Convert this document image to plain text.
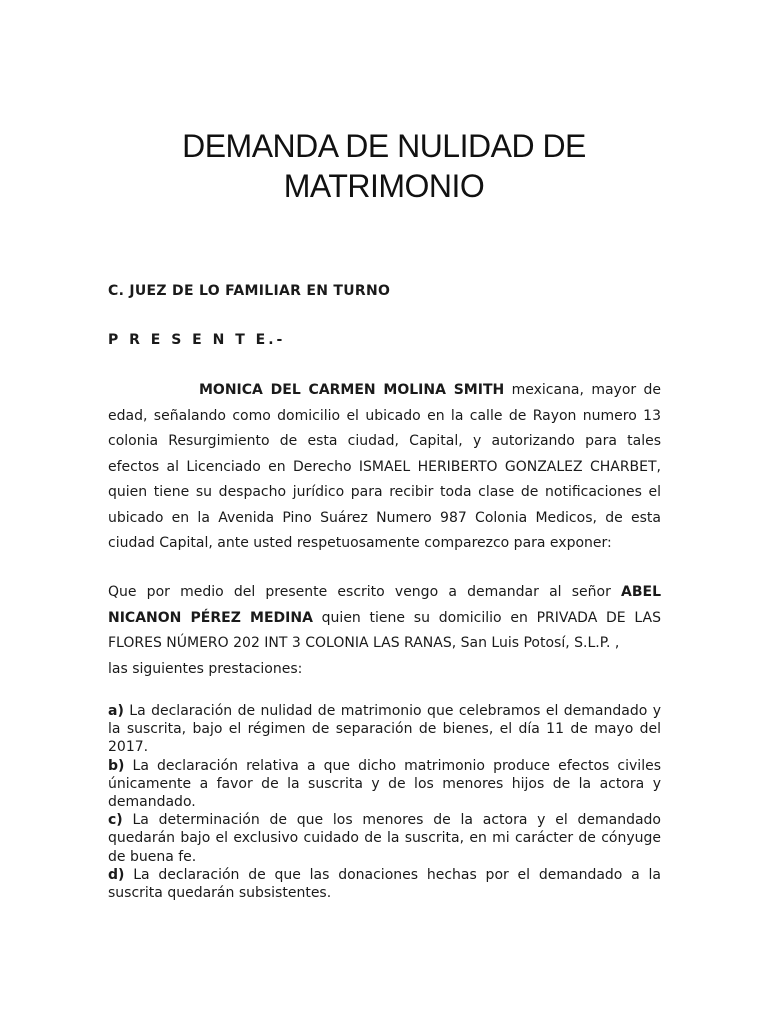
DEMANDA DE NULIDAD DE
MATRIMONIO

C. JUEZ DE LO FAMILIAR EN TURNO

P R E S E N T E.-

MONICA DEL CARMEN MOLINA SMITH mexicana, mayor de edad, señalando como domicilio el ubicado en la calle de Rayon numero 13 colonia Resurgimiento de esta ciudad, Capital, y autorizando para tales efectos al Licenciado en Derecho ISMAEL HERIBERTO GONZALEZ CHARBET, quien tiene su despacho jurídico para recibir toda clase de notificaciones el ubicado en la Avenida Pino Suárez Numero 987 Colonia Medicos, de esta ciudad Capital, ante usted respetuosamente comparezco para exponer:

Que por medio del presente escrito vengo a demandar al señor ABEL NICANON PÉREZ MEDINA quien tiene su domicilio en PRIVADA DE LAS FLORES NÚMERO 202 INT 3 COLONIA LAS RANAS, San Luis Potosí, S.L.P. ,
las siguientes prestaciones:

a) La declaración de nulidad de matrimonio que celebramos el demandado y la suscrita, bajo el régimen de separación de bienes, el día 11 de mayo del 2017.

b) La declaración relativa a que dicho matrimonio produce efectos civiles únicamente a favor de la suscrita y de los menores hijos de la actora y demandado.

c) La determinación de que los menores de la actora y el demandado quedarán bajo el exclusivo cuidado de la suscrita, en mi carácter de cónyuge de buena fe.

d) La declaración de que las donaciones hechas por el demandado a la suscrita quedarán subsistentes.
